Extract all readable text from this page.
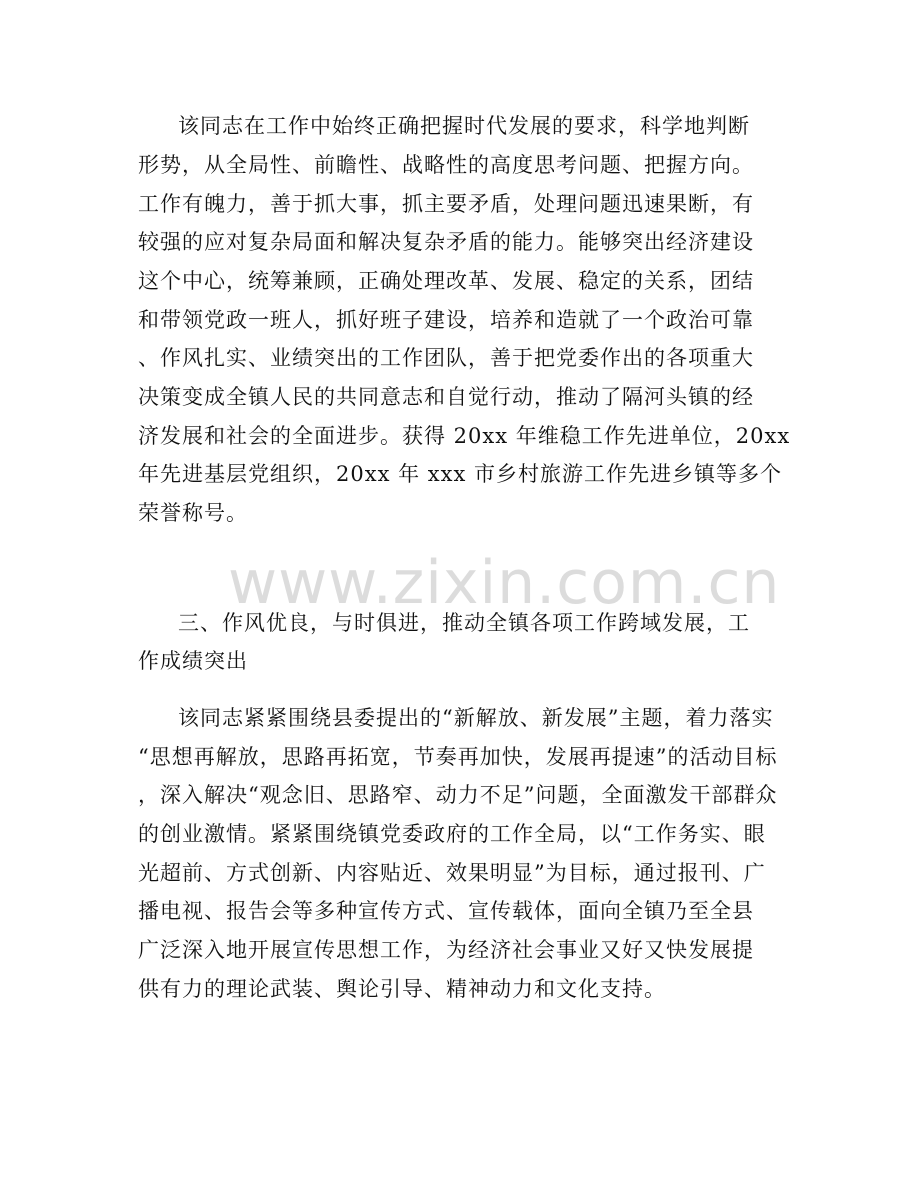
www.zixin.com.cn
该同志在工作中始终正确把握时代发展的要求，科学地判断
形势，从全局性、前瞻性、战略性的高度思考问题、把握方向。
工作有魄力，善于抓大事，抓主要矛盾，处理问题迅速果断，有
较强的应对复杂局面和解决复杂矛盾的能力。能够突出经济建设
这个中心，统筹兼顾，正确处理改革、发展、稳定的关系，团结
和带领党政一班人，抓好班子建设，培养和造就了一个政治可靠
、作风扎实、业绩突出的工作团队，善于把党委作出的各项重大
决策变成全镇人民的共同意志和自觉行动，推动了隔河头镇的经
济发展和社会的全面进步。获得 20xx 年维稳工作先进单位，20xx
年先进基层党组织，20xx 年 xxx 市乡村旅游工作先进乡镇等多个
荣誉称号。
三、作风优良，与时俱进，推动全镇各项工作跨域发展，工
作成绩突出
该同志紧紧围绕县委提出的“新解放、新发展”主题，着力落实
“思想再解放，思路再拓宽，节奏再加快，发展再提速”的活动目标
，深入解决“观念旧、思路窄、动力不足”问题，全面激发干部群众
的创业激情。紧紧围绕镇党委政府的工作全局，以“工作务实、眼
光超前、方式创新、内容贴近、效果明显”为目标，通过报刊、广
播电视、报告会等多种宣传方式、宣传载体，面向全镇乃至全县
广泛深入地开展宣传思想工作，为经济社会事业又好又快发展提
供有力的理论武装、舆论引导、精神动力和文化支持。
